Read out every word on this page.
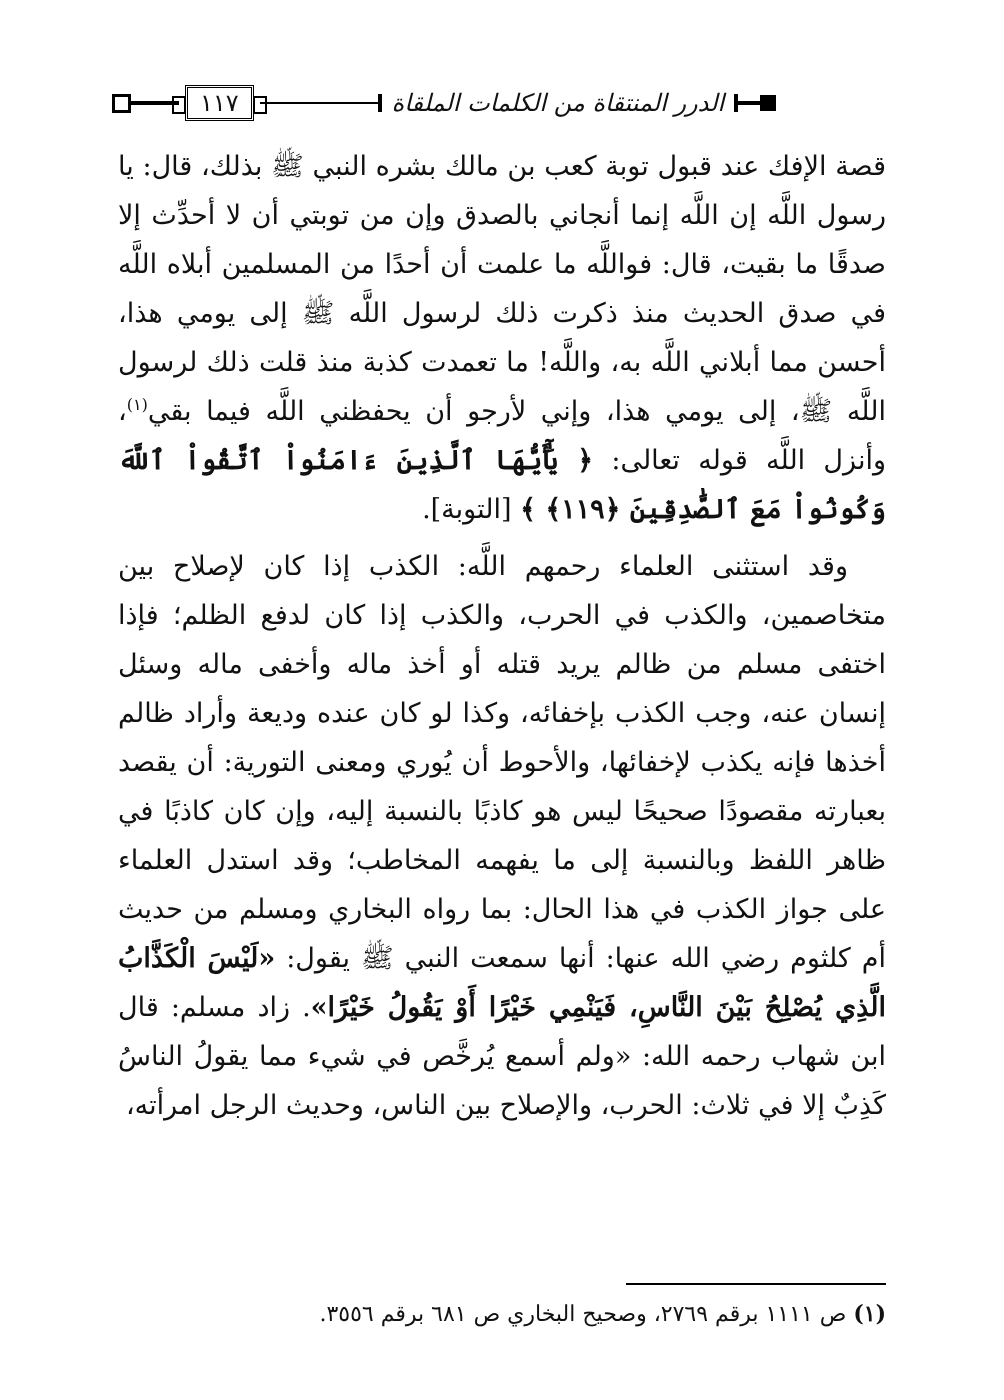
١١٧	الدرر المنتقاة من الكلمات الملقاة

قصة الإفك عند قبول توبة كعب بن مالك بشره النبي ﷺ بذلك، قال: يا رسول اللَّه إن اللَّه إنما أنجاني بالصدق وإن من توبتي أن لا أحدِّث إلا صدقًا ما بقيت، قال: فواللَّه ما علمت أن أحدًا من المسلمين أبلاه اللَّه في صدق الحديث منذ ذكرت ذلك لرسول اللَّه ﷺ إلى يومي هذا، أحسن مما أبلاني اللَّه به، واللَّه! ما تعمدت كذبة منذ قلت ذلك لرسول اللَّه ﷺ، إلى يومي هذا، وإني لأرجو أن يحفظني اللَّه فيما بقي$^{(١)}$، وأنزل اللَّه قوله تعالى: ﴿ يَٰٓأَيُّهَا ٱلَّذِينَ ءَامَنُواْ ٱتَّقُواْ ٱللَّهَ وَكُونُواْ مَعَ ٱلصَّٰدِقِينَ ﴿١١٩﴾ ﴾ [التوبة].

وقد استثنى العلماء رحمهم اللَّه: الكذب إذا كان لإصلاح بين متخاصمين، والكذب في الحرب، والكذب إذا كان لدفع الظلم؛ فإذا اختفى مسلم من ظالم يريد قتله أو أخذ ماله وأخفى ماله وسئل إنسان عنه، وجب الكذب بإخفائه، وكذا لو كان عنده وديعة وأراد ظالم أخذها فإنه يكذب لإخفائها، والأحوط أن يُوري ومعنى التورية: أن يقصد بعبارته مقصودًا صحيحًا ليس هو كاذبًا بالنسبة إليه، وإن كان كاذبًا في ظاهر اللفظ وبالنسبة إلى ما يفهمه المخاطب؛ وقد استدل العلماء على جواز الكذب في هذا الحال: بما رواه البخاري ومسلم من حديث أم كلثوم رضي الله عنها: أنها سمعت النبي ﷺ يقول: «لَيْسَ الْكَذَّابُ الَّذِي يُصْلِحُ بَيْنَ النَّاسِ، فَيَنْمِي خَيْرًا أَوْ يَقُولُ خَيْرًا». زاد مسلم: قال ابن شهاب رحمه الله: «ولم أسمع يُرخَّص في شيء مما يقولُ الناسُ كَذِبٌ إلا في ثلاث: الحرب، والإصلاح بين الناس، وحديث الرجل امرأته،

(١) ص ١١١١ برقم ٢٧٦٩، وصحيح البخاري ص ٦٨١ برقم ٣٥٥٦.
